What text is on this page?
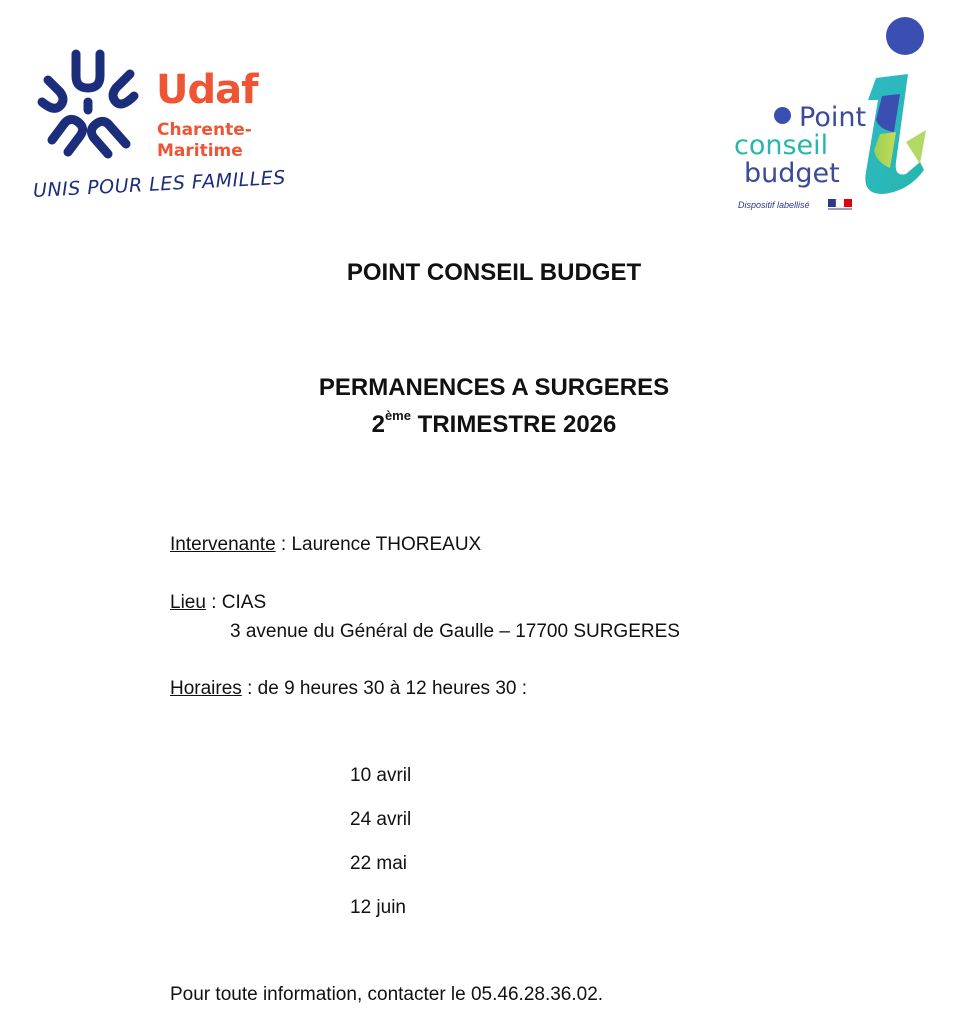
Udaf
Charente-
Maritime
UNIS POUR LES FAMILLES
Point
conseil
budget
Dispositif labellisé
POINT CONSEIL BUDGET
PERMANENCES A SURGERES
2ème TRIMESTRE 2026
Intervenante : Laurence THOREAUX
Lieu : CIAS
3 avenue du Général de Gaulle – 17700 SURGERES
Horaires : de 9 heures 30 à 12 heures 30 :
10 avril
24 avril
22 mai
12 juin
Pour toute information, contacter le 05.46.28.36.02.
